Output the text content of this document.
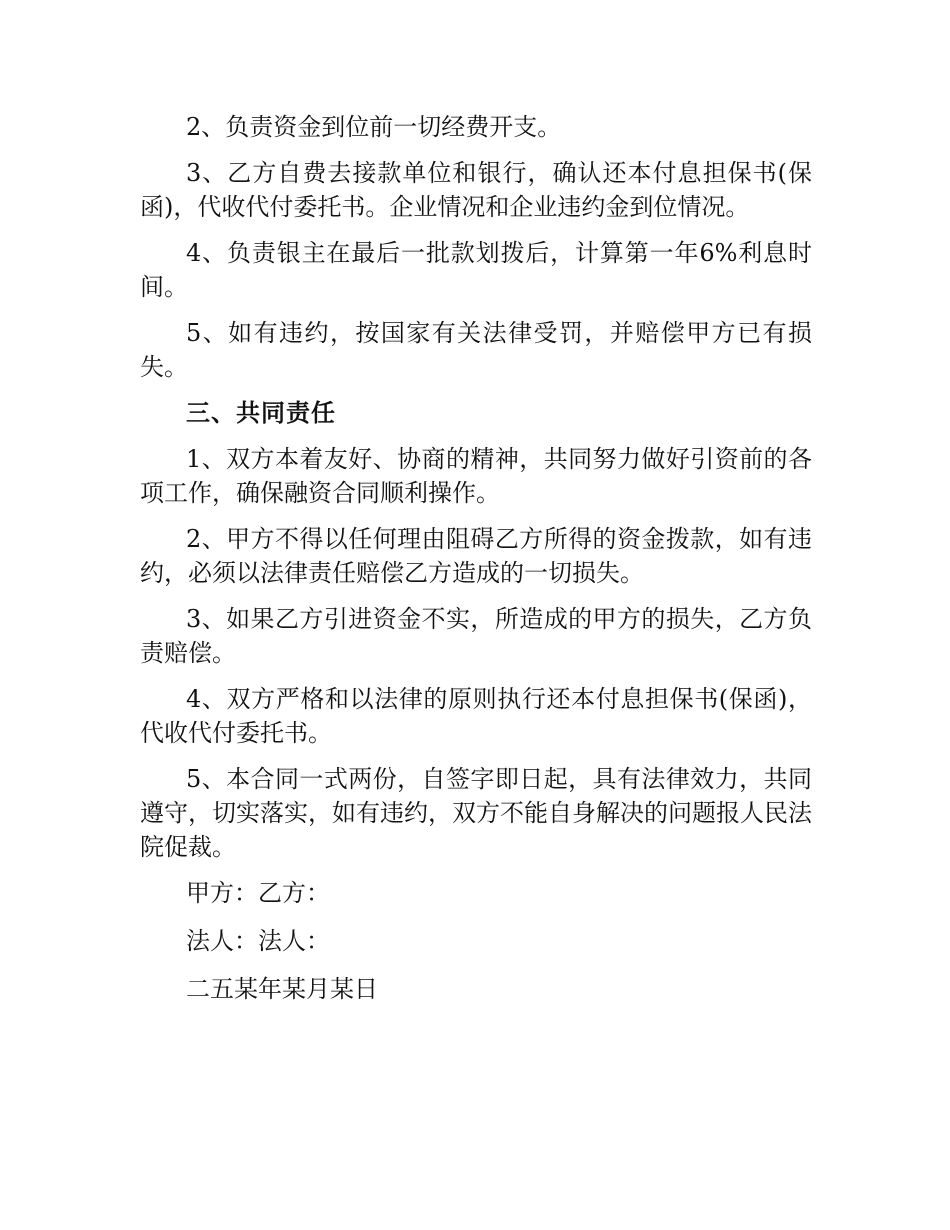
2、负责资金到位前一切经费开支。

3、乙方自费去接款单位和银行，确认还本付息担保书(保函)，代收代付委托书。企业情况和企业违约金到位情况。

4、负责银主在最后一批款划拨后，计算第一年6%利息时间。

5、如有违约，按国家有关法律受罚，并赔偿甲方已有损失。

三、共同责任

1、双方本着友好、协商的精神，共同努力做好引资前的各项工作，确保融资合同顺利操作。

2、甲方不得以任何理由阻碍乙方所得的资金拨款，如有违约，必须以法律责任赔偿乙方造成的一切损失。

3、如果乙方引进资金不实，所造成的甲方的损失，乙方负责赔偿。

4、双方严格和以法律的原则执行还本付息担保书(保函)，代收代付委托书。

5、本合同一式两份，自签字即日起，具有法律效力，共同遵守，切实落实，如有违约，双方不能自身解决的问题报人民法院促裁。

甲方：乙方：

法人：法人：

二五某年某月某日
